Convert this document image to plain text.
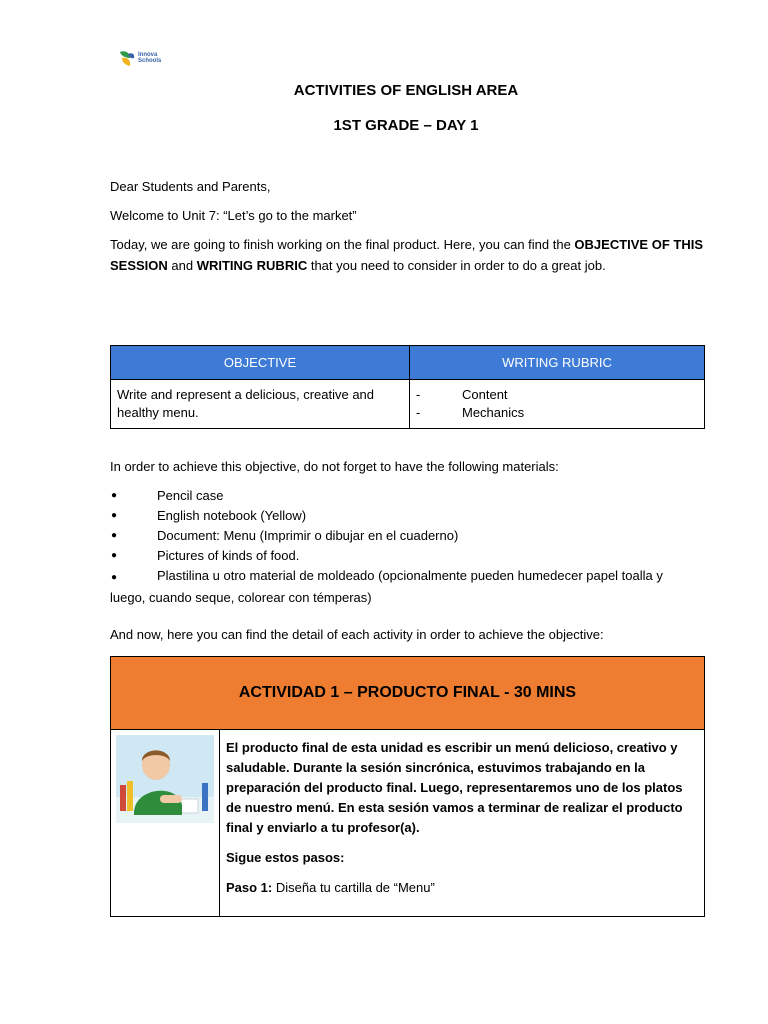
Innova
Schools
ACTIVITIES OF ENGLISH AREA
1ST GRADE – DAY 1
Dear Students and Parents,
Welcome to Unit 7: “Let’s go to the market”
Today, we are going to finish working on the final product. Here, you can find the OBJECTIVE OF THIS SESSION and WRITING RUBRIC that you need to consider in order to do a great job.
OBJECTIVE	WRITING RUBRIC
Write and represent a delicious, creative and healthy menu.	- Content
- Mechanics
In order to achieve this objective, do not forget to have the following materials:
●	Pencil case
●	English notebook (Yellow)
●	Document: Menu (Imprimir o dibujar en el cuaderno)
●	Pictures of kinds of food.
●	Plastilina u otro material de moldeado (opcionalmente pueden humedecer papel toalla y luego, cuando seque, colorear con témperas)
And now, here you can find the detail of each activity in order to achieve the objective:
ACTIVIDAD 1 – PRODUCTO FINAL - 30 MINS

El producto final de esta unidad es escribir un menú delicioso, creativo y saludable. Durante la sesión sincrónica, estuvimos trabajando en la preparación del producto final. Luego, representaremos uno de los platos de nuestro menú. En esta sesión vamos a terminar de realizar el producto final y enviarlo a tu profesor(a).

Sigue estos pasos:

Paso 1: Diseña tu cartilla de “Menu”
